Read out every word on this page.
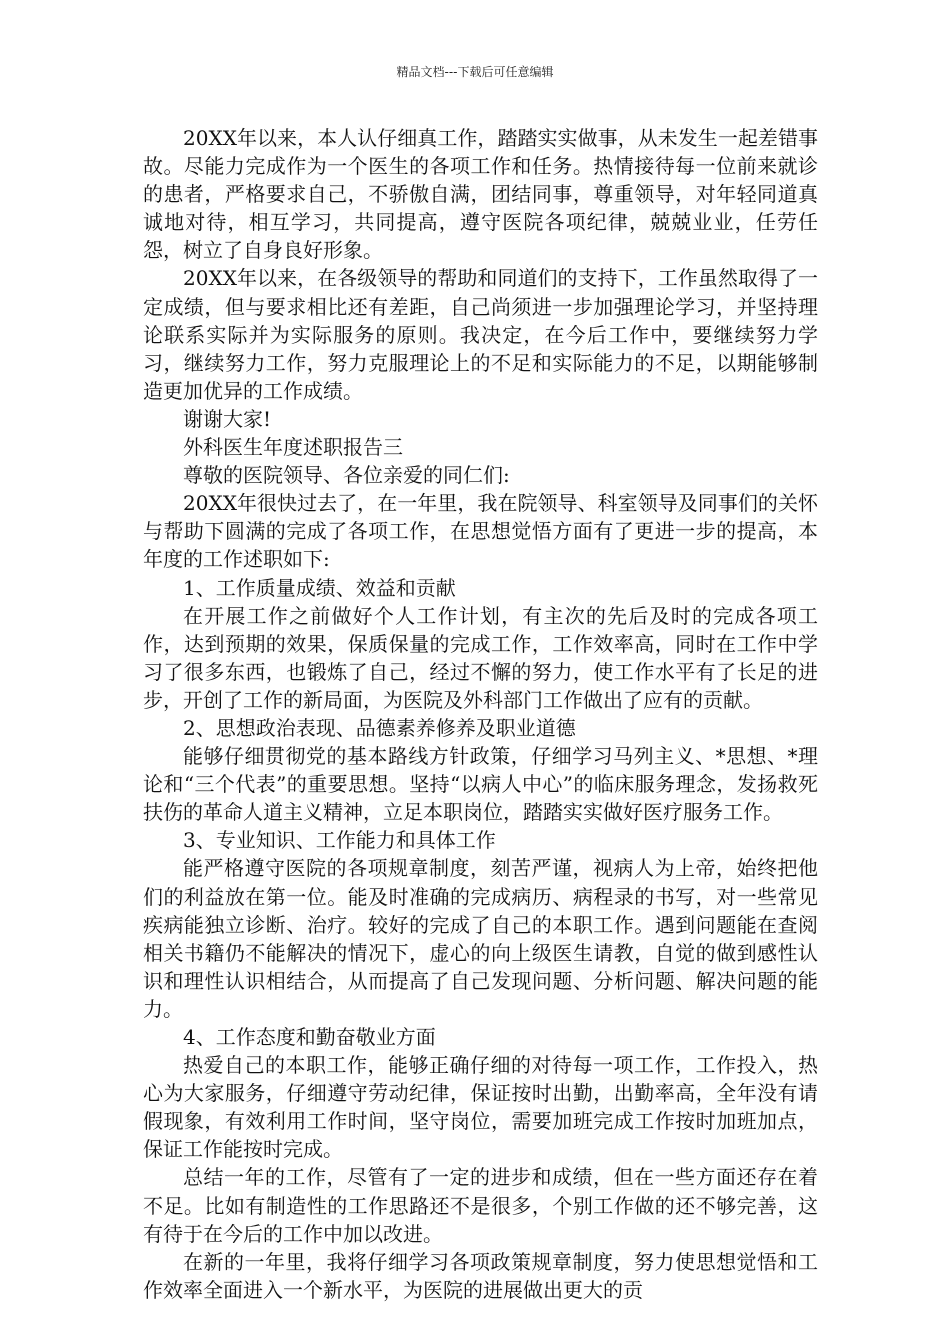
精品文档---下载后可任意编辑

20XX年以来，本人认仔细真工作，踏踏实实做事，从未发生一起差错事故。尽能力完成作为一个医生的各项工作和任务。热情接待每一位前来就诊的患者，严格要求自己，不骄傲自满，团结同事，尊重领导，对年轻同道真诚地对待，相互学习，共同提高，遵守医院各项纪律，兢兢业业，任劳任怨，树立了自身良好形象。

20XX年以来，在各级领导的帮助和同道们的支持下，工作虽然取得了一定成绩，但与要求相比还有差距，自己尚须进一步加强理论学习，并坚持理论联系实际并为实际服务的原则。我决定，在今后工作中，要继续努力学习，继续努力工作，努力克服理论上的不足和实际能力的不足，以期能够制造更加优异的工作成绩。

谢谢大家!

外科医生年度述职报告三

尊敬的医院领导、各位亲爱的同仁们:

20XX年很快过去了，在一年里，我在院领导、科室领导及同事们的关怀与帮助下圆满的完成了各项工作，在思想觉悟方面有了更进一步的提高，本年度的工作述职如下:

1、工作质量成绩、效益和贡献

在开展工作之前做好个人工作计划，有主次的先后及时的完成各项工作，达到预期的效果，保质保量的完成工作，工作效率高，同时在工作中学习了很多东西，也锻炼了自己，经过不懈的努力，使工作水平有了长足的进步，开创了工作的新局面，为医院及外科部门工作做出了应有的贡献。

2、思想政治表现、品德素养修养及职业道德

能够仔细贯彻党的基本路线方针政策，仔细学习马列主义、*思想、*理论和“三个代表”的重要思想。坚持“以病人中心”的临床服务理念，发扬救死扶伤的革命人道主义精神，立足本职岗位，踏踏实实做好医疗服务工作。

3、专业知识、工作能力和具体工作

能严格遵守医院的各项规章制度，刻苦严谨，视病人为上帝，始终把他们的利益放在第一位。能及时准确的完成病历、病程录的书写，对一些常见疾病能独立诊断、治疗。较好的完成了自己的本职工作。遇到问题能在查阅相关书籍仍不能解决的情况下，虚心的向上级医生请教，自觉的做到感性认识和理性认识相结合，从而提高了自己发现问题、分析问题、解决问题的能力。

4、工作态度和勤奋敬业方面

热爱自己的本职工作，能够正确仔细的对待每一项工作，工作投入，热心为大家服务，仔细遵守劳动纪律，保证按时出勤，出勤率高，全年没有请假现象，有效利用工作时间，坚守岗位，需要加班完成工作按时加班加点，保证工作能按时完成。

总结一年的工作，尽管有了一定的进步和成绩，但在一些方面还存在着不足。比如有制造性的工作思路还不是很多，个别工作做的还不够完善，这有待于在今后的工作中加以改进。

在新的一年里，我将仔细学习各项政策规章制度，努力使思想觉悟和工作效率全面进入一个新水平，为医院的进展做出更大的贡
